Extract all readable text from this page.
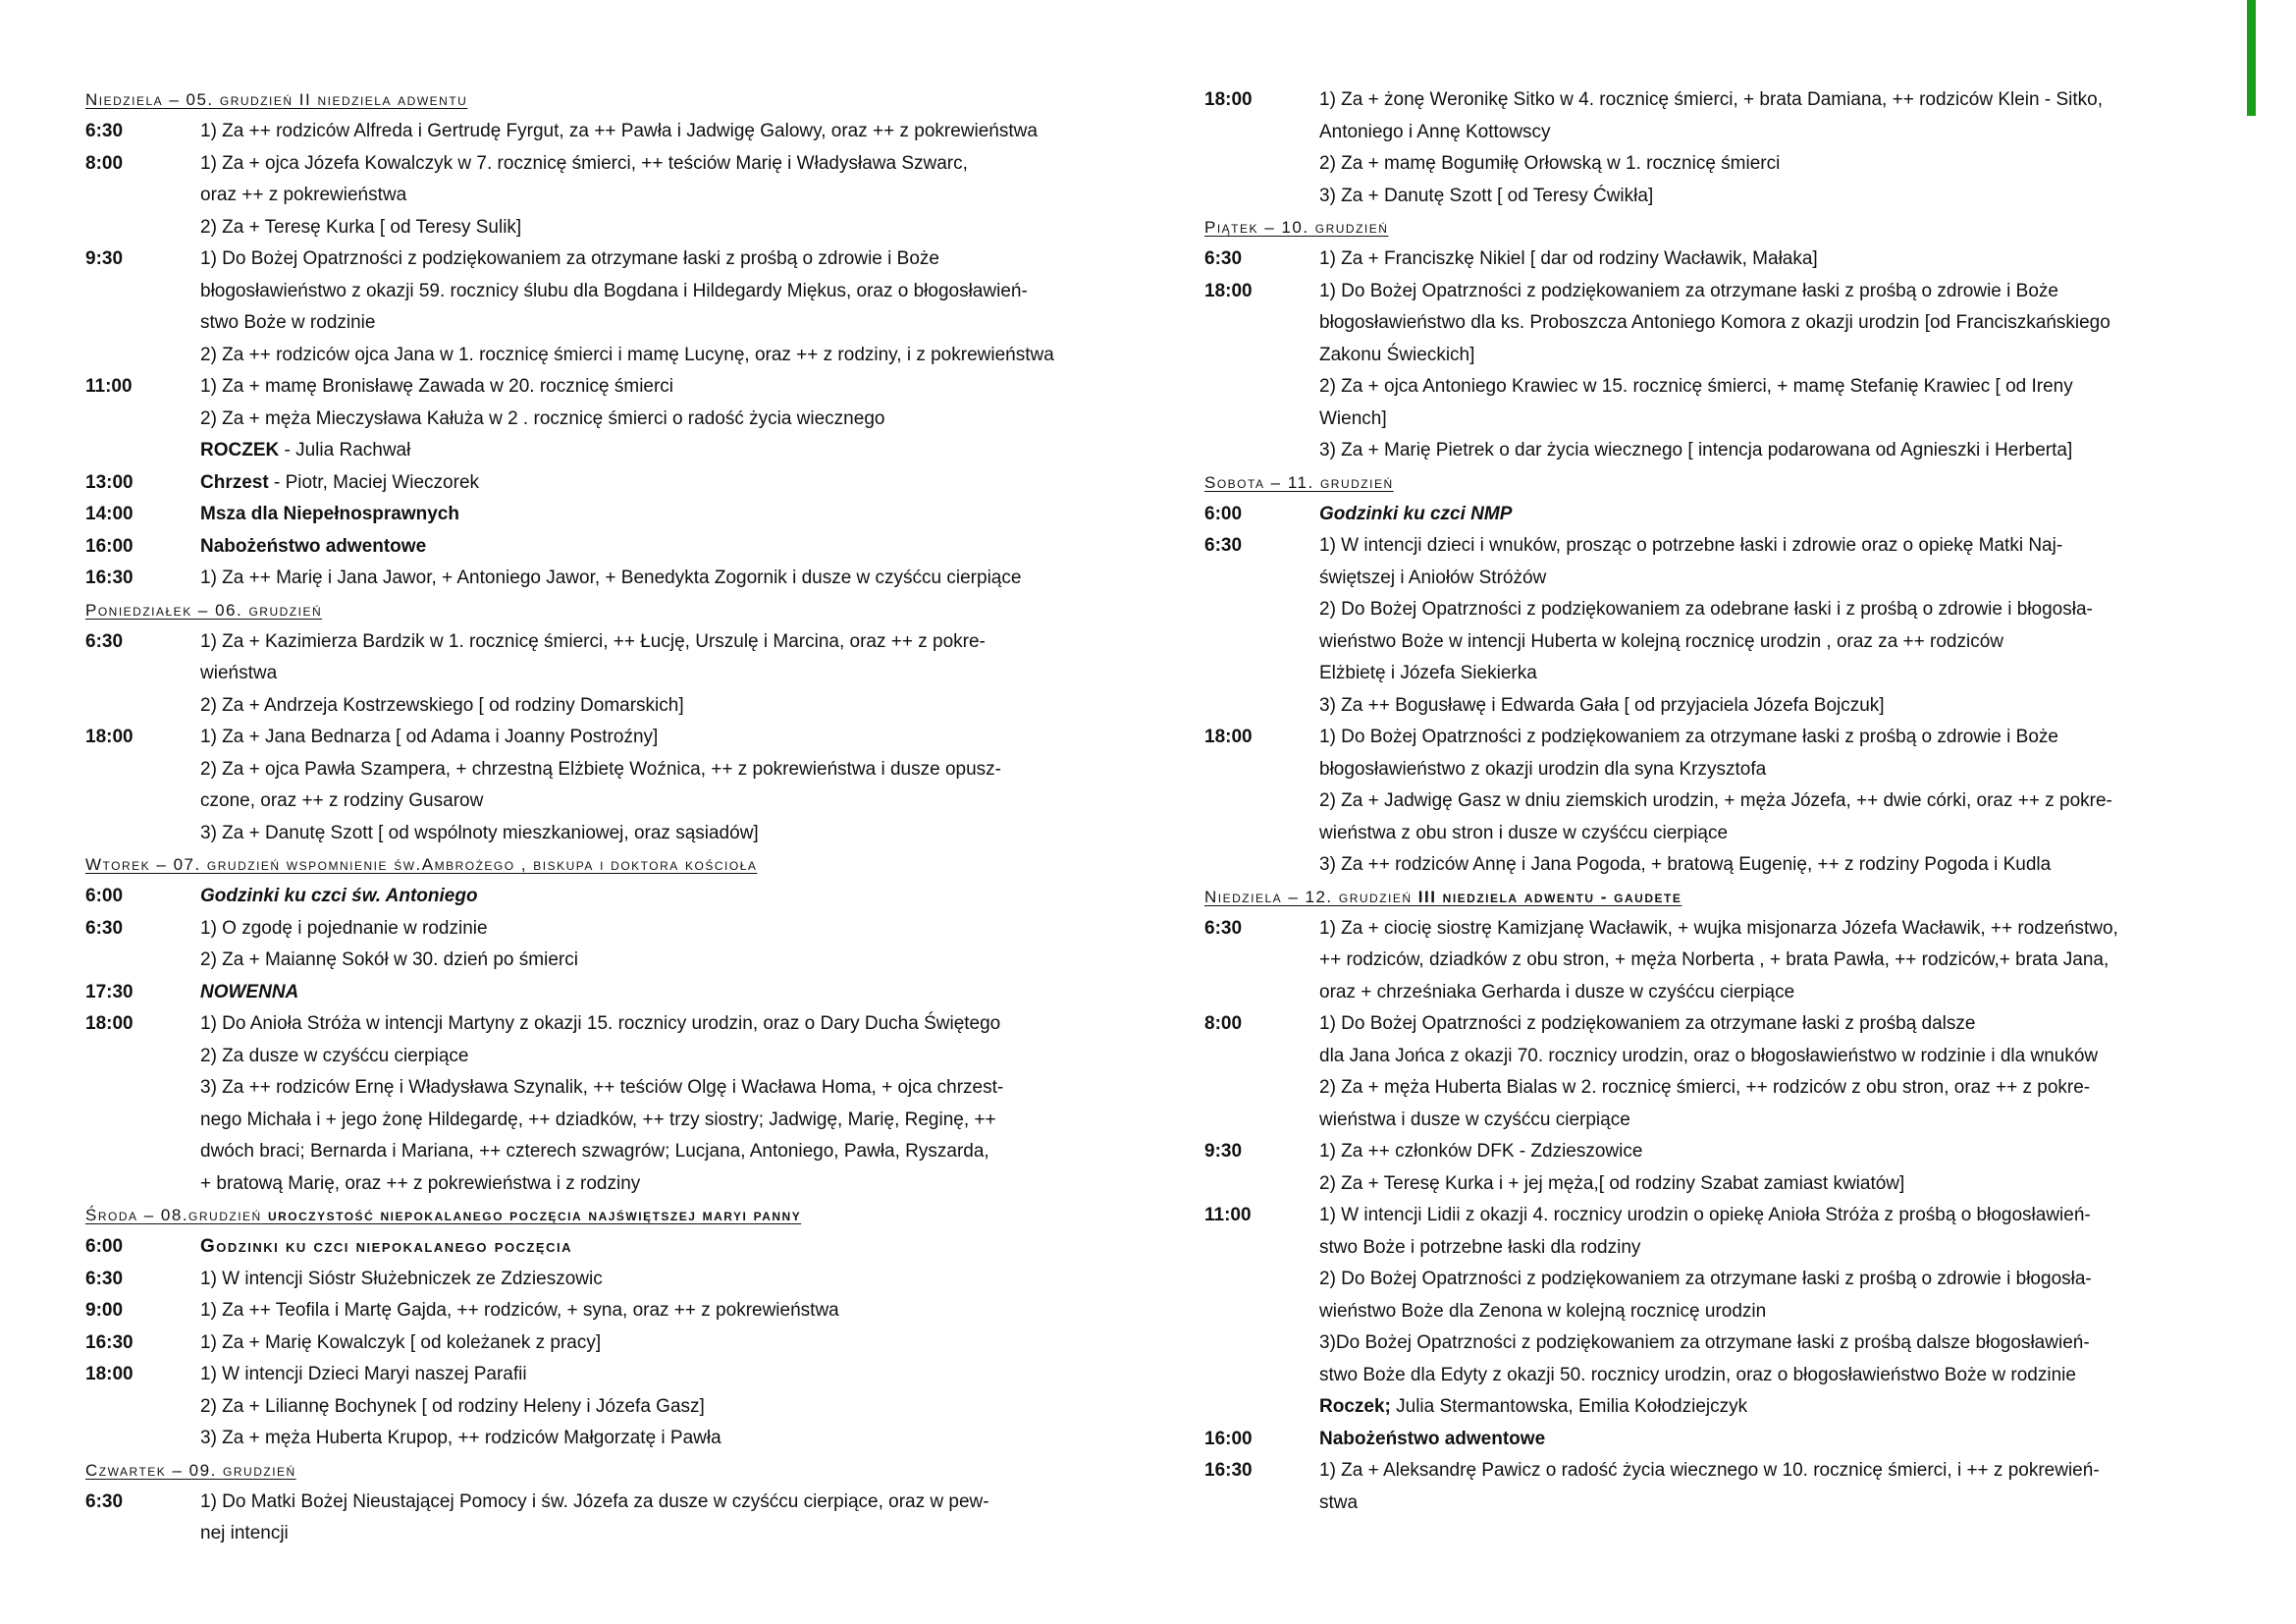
Niedziela – 05. grudzień II niedziela adwentu
6:30	1) Za ++ rodziców Alfreda i Gertrudę Fyrgut, za ++ Pawła i Jadwigę Galowy, oraz ++ z pokrewieństwa
8:00	1) Za + ojca Józefa Kowalczyk w 7. rocznicę śmierci, ++ teściów Marię i Władysława Szwarc,
oraz ++ z pokrewieństwa
2) Za + Teresę Kurka [ od Teresy Sulik]
9:30	1) Do Bożej Opatrzności z podziękowaniem za otrzymane łaski z prośbą o zdrowie i Boże
błogosławieństwo z okazji 59. rocznicy ślubu dla Bogdana i Hildegardy Miękus, oraz o błogosławień-
stwo Boże w rodzinie
2) Za ++ rodziców ojca Jana w 1. rocznicę śmierci i mamę Lucynę, oraz ++ z rodziny, i z pokrewieństwa
11:00	1) Za + mamę Bronisławę Zawada w 20. rocznicę śmierci
2) Za + męża Mieczysława Kałuża w 2 . rocznicę śmierci o radość życia wiecznego
ROCZEK - Julia Rachwał
13:00	Chrzest - Piotr, Maciej Wieczorek
14:00	Msza dla Niepełnosprawnych
16:00	Nabożeństwo adwentowe
16:30	1) Za ++ Marię i Jana Jawor, + Antoniego Jawor, + Benedykta Zogornik i dusze w czyśćcu cierpiące
Poniedziałek – 06. grudzień
6:30	1) Za + Kazimierza Bardzik w 1. rocznicę śmierci, ++ Łucję, Urszulę i Marcina, oraz ++ z pokre-
wieństwa
2) Za + Andrzeja Kostrzewskiego [ od rodziny Domarskich]
18:00	1) Za + Jana Bednarza [ od Adama i Joanny Postroźny]
2) Za + ojca Pawła Szampera, + chrzestną Elżbietę Woźnica, ++ z pokrewieństwa i dusze opusz-
czone, oraz ++ z rodziny Gusarow
3) Za + Danutę Szott [ od wspólnoty mieszkaniowej, oraz sąsiadów]
Wtorek – 07. grudzień wspomnienie św.Ambrożego , biskupa i doktora kościoła
6:00	Godzinki ku czci św. Antoniego
6:30	1) O zgodę i pojednanie w rodzinie
2) Za + Maiannę Sokół w 30. dzień po śmierci
17:30	NOWENNA
18:00	1) Do Anioła Stróża w intencji Martyny z okazji 15. rocznicy urodzin, oraz o Dary Ducha Świętego
2) Za dusze w czyśćcu cierpiące
3) Za ++ rodziców Ernę i Władysława Szynalik, ++ teściów Olgę i Wacława Homa, + ojca chrzest-
nego Michała i + jego żonę Hildegardę, ++ dziadków, ++ trzy siostry; Jadwigę, Marię, Reginę, ++
dwóch braci; Bernarda i Mariana, ++ czterech szwagrów; Lucjana, Antoniego, Pawła, Ryszarda,
+ bratową Marię, oraz ++ z pokrewieństwa i z rodziny
Środa – 08.grudzień uroczystość niepokalanego poczęcia najświętszej maryi panny
6:00	Godzinki ku czci niepokalanego poczęcia
6:30	1) W intencji Sióstr Służebniczek ze Zdzieszowic
9:00	1) Za ++ Teofila i Martę Gajda, ++ rodziców, + syna, oraz ++ z pokrewieństwa
16:30	1) Za + Marię Kowalczyk [ od koleżanek z pracy]
18:00	1) W intencji Dzieci Maryi naszej Parafii
2) Za + Liliannę Bochynek [ od rodziny Heleny i Józefa Gasz]
3) Za + męża Huberta Krupop, ++ rodziców Małgorzatę i Pawła
Czwartek – 09. grudzień
6:30	1) Do Matki Bożej Nieustającej Pomocy i św. Józefa za dusze w czyśćcu cierpiące, oraz w pew-
nej intencji
18:00	1) Za + żonę Weronikę Sitko w 4. rocznicę śmierci, + brata Damiana, ++ rodziców Klein - Sitko,
Antoniego i Annę Kottowscy
2) Za + mamę Bogumiłę Orłowską w 1. rocznicę śmierci
3) Za + Danutę Szott [ od Teresy Ćwikła]
Piątek – 10. grudzień
6:30	1) Za + Franciszkę Nikiel [ dar od rodziny Wacławik, Małaka]
18:00	1) Do Bożej Opatrzności z podziękowaniem za otrzymane łaski z prośbą o zdrowie i Boże
błogosławieństwo dla ks. Proboszcza Antoniego Komora z okazji urodzin [od Franciszkańskiego
Zakonu Świeckich]
2) Za + ojca Antoniego Krawiec w 15. rocznicę śmierci, + mamę Stefanię Krawiec [ od Ireny
Wiench]
3) Za + Marię Pietrek o dar życia wiecznego [ intencja podarowana od Agnieszki i Herberta]
Sobota – 11. grudzień
6:00	Godzinki ku czci NMP
6:30	1) W intencji dzieci i wnuków, prosząc o potrzebne łaski i zdrowie oraz o opiekę Matki Naj-
świętszej i Aniołów Stróżów
2) Do Bożej Opatrzności z podziękowaniem za odebrane łaski i z prośbą o zdrowie i błogosła-
wieństwo Boże w intencji Huberta w kolejną rocznicę urodzin , oraz za ++ rodziców
Elżbietę i Józefa Siekierka
3) Za ++ Bogusławę i Edwarda Gała [ od przyjaciela Józefa Bojczuk]
18:00	1) Do Bożej Opatrzności z podziękowaniem za otrzymane łaski z prośbą o zdrowie i Boże
błogosławieństwo z okazji urodzin dla syna Krzysztofa
2) Za + Jadwigę Gasz w dniu ziemskich urodzin, + męża Józefa, ++ dwie córki, oraz ++ z pokre-
wieństwa z obu stron i dusze w czyśćcu cierpiące
3) Za ++ rodziców Annę i Jana Pogoda, + bratową Eugenię, ++ z rodziny Pogoda i Kudla
Niedziela – 12. grudzień III niedziela adwentu - gaudete
6:30	1) Za + ciocię siostrę Kamizjanę Wacławik, + wujka misjonarza Józefa Wacławik, ++ rodzeństwo,
++ rodziców, dziadków z obu stron, + męża Norberta , + brata Pawła, ++ rodziców,+ brata Jana,
oraz + chrześniaka Gerharda i dusze w czyśćcu cierpiące
8:00	1) Do Bożej Opatrzności z podziękowaniem za otrzymane łaski z prośbą dalsze
dla Jana Jońca z okazji 70. rocznicy urodzin, oraz o błogosławieństwo w rodzinie i dla wnuków
2) Za + męża Huberta Bialas w 2. rocznicę śmierci, ++ rodziców z obu stron, oraz ++ z pokre-
wieństwa i dusze w czyśćcu cierpiące
9:30	1) Za ++ członków DFK - Zdzieszowice
2) Za + Teresę Kurka i + jej męża,[ od rodziny Szabat zamiast kwiatów]
11:00	1) W intencji Lidii z okazji 4. rocznicy urodzin o opiekę Anioła Stróża z prośbą o błogosławień-
stwo Boże i potrzebne łaski dla rodziny
2) Do Bożej Opatrzności z podziękowaniem za otrzymane łaski z prośbą o zdrowie i błogosła-
wieństwo Boże dla Zenona w kolejną rocznicę urodzin
3)Do Bożej Opatrzności z podziękowaniem za otrzymane łaski z prośbą dalsze błogosławień-
stwo Boże dla Edyty z okazji 50. rocznicy urodzin, oraz o błogosławieństwo Boże w rodzinie
Roczek; Julia Stermantowska, Emilia Kołodziejczyk
16:00	Nabożeństwo adwentowe
16:30	1) Za + Aleksandrę Pawicz o radość życia wiecznego w 10. rocznicę śmierci, i ++ z pokrewień-
stwa
